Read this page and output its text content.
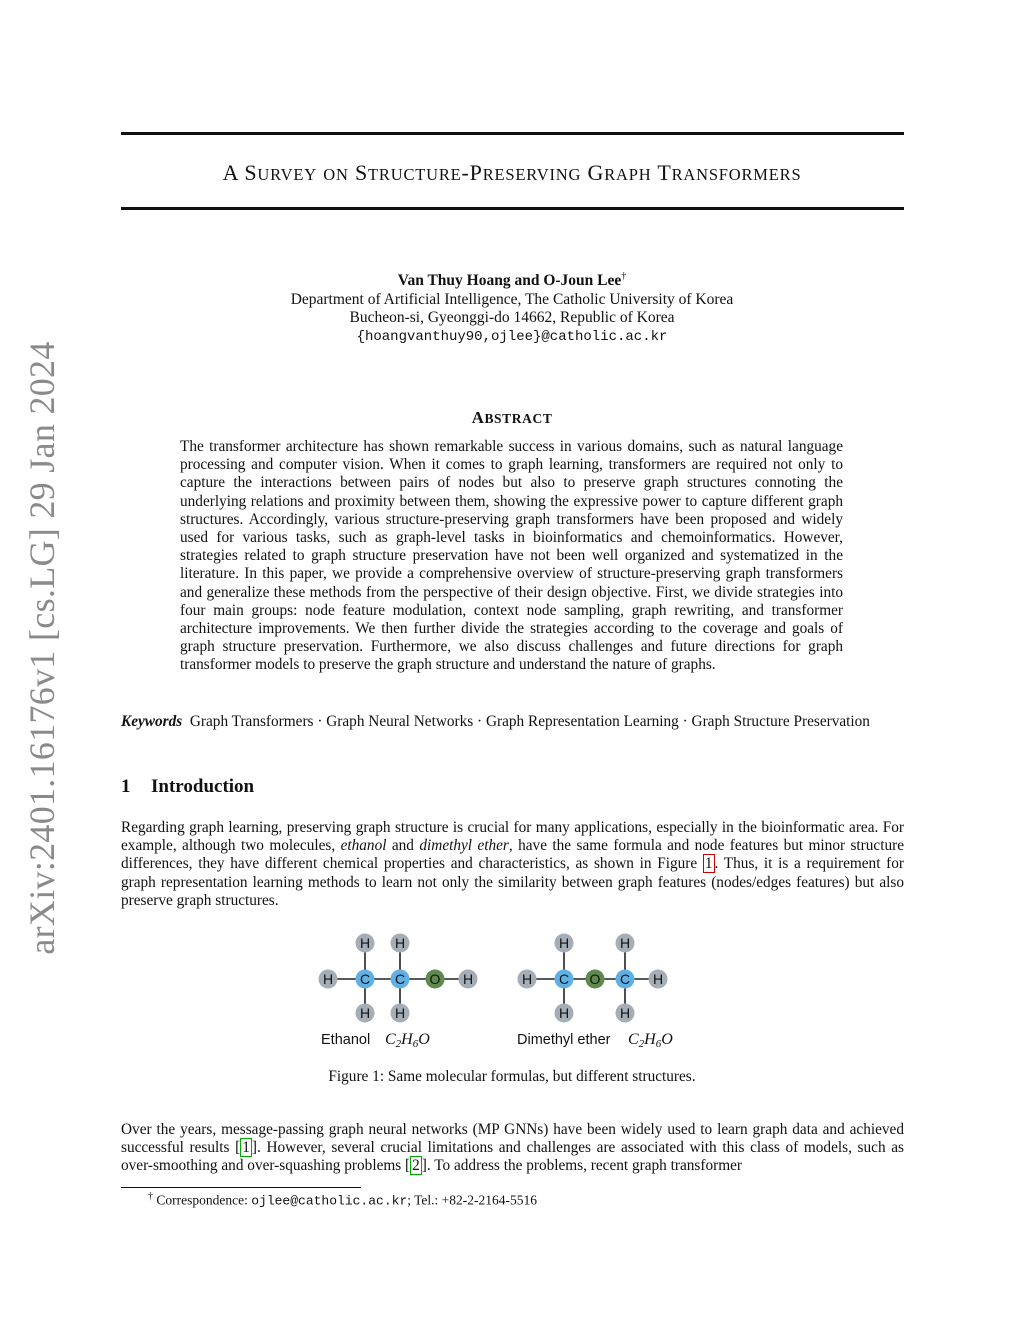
arXiv:2401.16176v1 [cs.LG] 29 Jan 2024
A SURVEY ON STRUCTURE-PRESERVING GRAPH TRANSFORMERS
Van Thuy Hoang and O-Joun Lee†
Department of Artificial Intelligence, The Catholic University of Korea
Bucheon-si, Gyeonggi-do 14662, Republic of Korea
{hoangvanthuy90,ojlee}@catholic.ac.kr
ABSTRACT
The transformer architecture has shown remarkable success in various domains, such as natural language processing and computer vision. When it comes to graph learning, transformers are required not only to capture the interactions between pairs of nodes but also to preserve graph structures connoting the underlying relations and proximity between them, showing the expressive power to capture different graph structures. Accordingly, various structure-preserving graph transformers have been proposed and widely used for various tasks, such as graph-level tasks in bioinformatics and chemoinformatics. However, strategies related to graph structure preservation have not been well organized and systematized in the literature. In this paper, we provide a comprehensive overview of structure-preserving graph transformers and generalize these methods from the perspective of their design objective. First, we divide strategies into four main groups: node feature modulation, context node sampling, graph rewriting, and transformer architecture improvements. We then further divide the strategies according to the coverage and goals of graph structure preservation. Furthermore, we also discuss challenges and future directions for graph transformer models to preserve the graph structure and understand the nature of graphs.
Keywords Graph Transformers · Graph Neural Networks · Graph Representation Learning · Graph Structure Preservation
1 Introduction
Regarding graph learning, preserving graph structure is crucial for many applications, especially in the bioinformatic area. For example, although two molecules, ethanol and dimethyl ether, have the same formula and node features but minor structure differences, they have different chemical properties and characteristics, as shown in Figure 1 . Thus, it is a requirement for graph representation learning methods to learn not only the similarity between graph features (nodes/edges features) but also preserve graph structures.
H H
H C C O H
H H
Ethanol C2H6O
H	H
H C O C H
H	H
Dimethyl ether C2H6O
Figure 1: Same molecular formulas, but different structures.
Over the years, message-passing graph neural networks (MP GNNs) have been widely used to learn graph data and achieved successful results [ 1 ]. However, several crucial limitations and challenges are associated with this class of models, such as over-smoothing and over-squashing problems [ 2 ]. To address the problems, recent graph transformer
† Correspondence: ojlee@catholic.ac.kr; Tel.: +82-2-2164-5516
